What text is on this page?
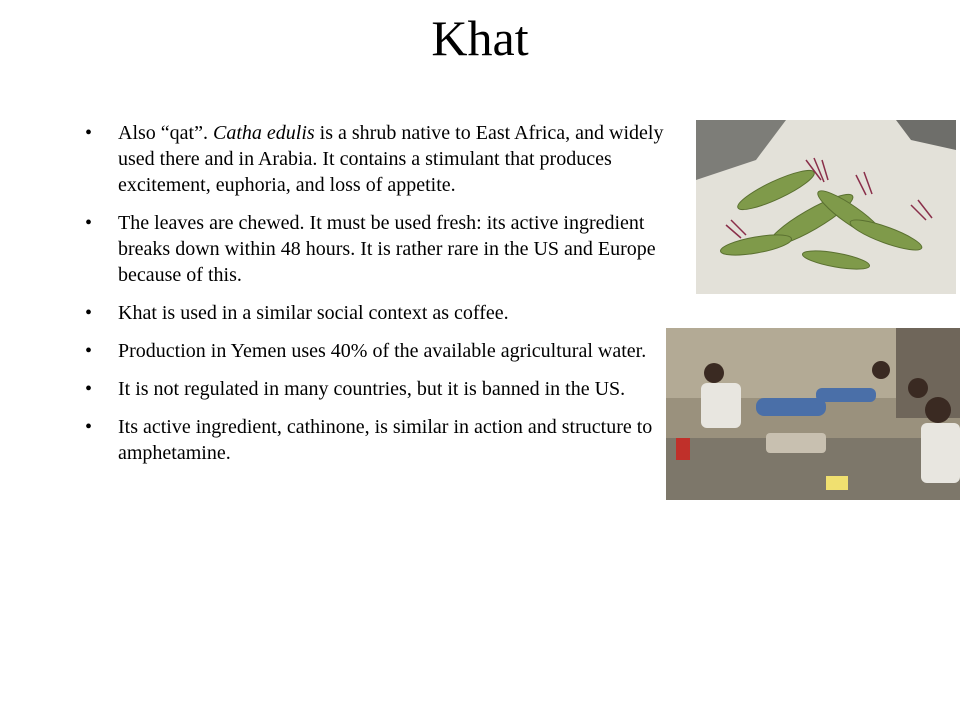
Khat
• Also “qat”. Catha edulis is a shrub native to East Africa, and widely used there and in Arabia. It contains a stimulant that produces excitement, euphoria, and loss of appetite.
• The leaves are chewed. It must be used fresh: its active ingredient breaks down within 48 hours. It is rather rare in the US and Europe because of this.
• Khat is used in a similar social context as coffee.
• Production in Yemen uses 40% of the available agricultural water.
• It is not regulated in many countries, but it is banned in the US.
• Its active ingredient, cathinone, is similar in action and structure to amphetamine.
